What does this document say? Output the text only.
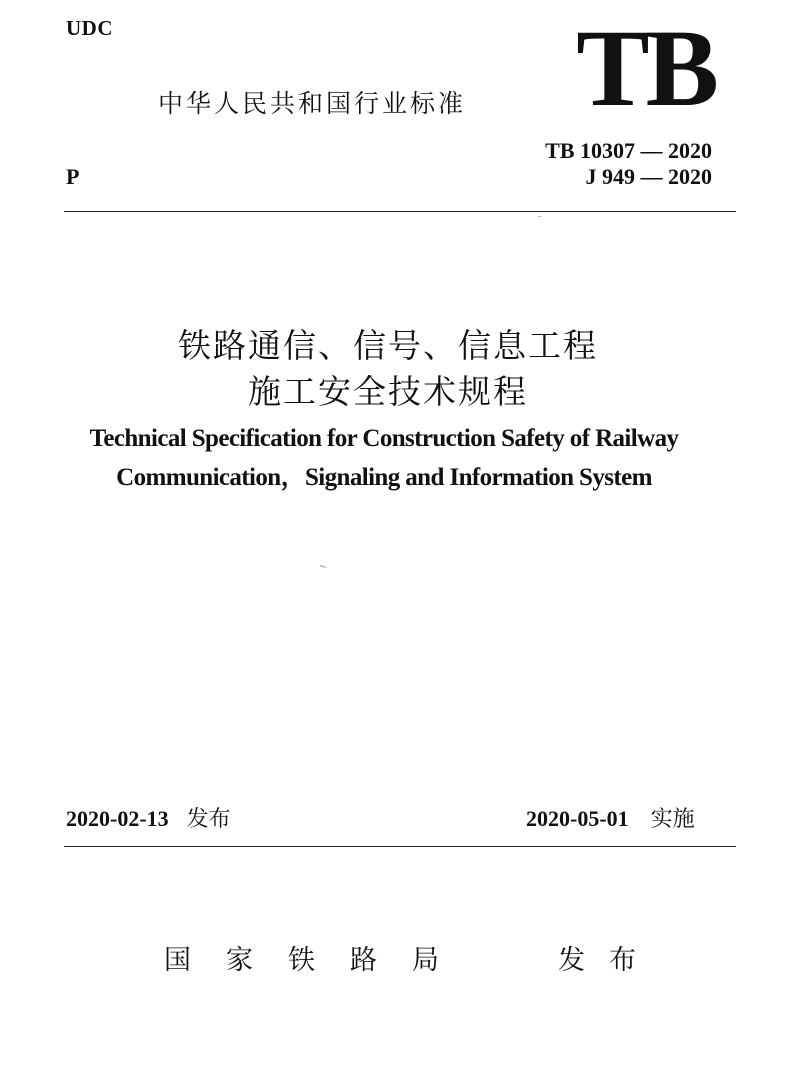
UDC
中华人民共和国行业标准 TB
TB 10307 — 2020
J 949 — 2020
P
铁路通信、信号、信息工程
施工安全技术规程
Technical Specification for Construction Safety of Railway
Communication，Signaling and Information System
2020-02-13 发布	2020-05-01 实施
国家铁路局	发布
